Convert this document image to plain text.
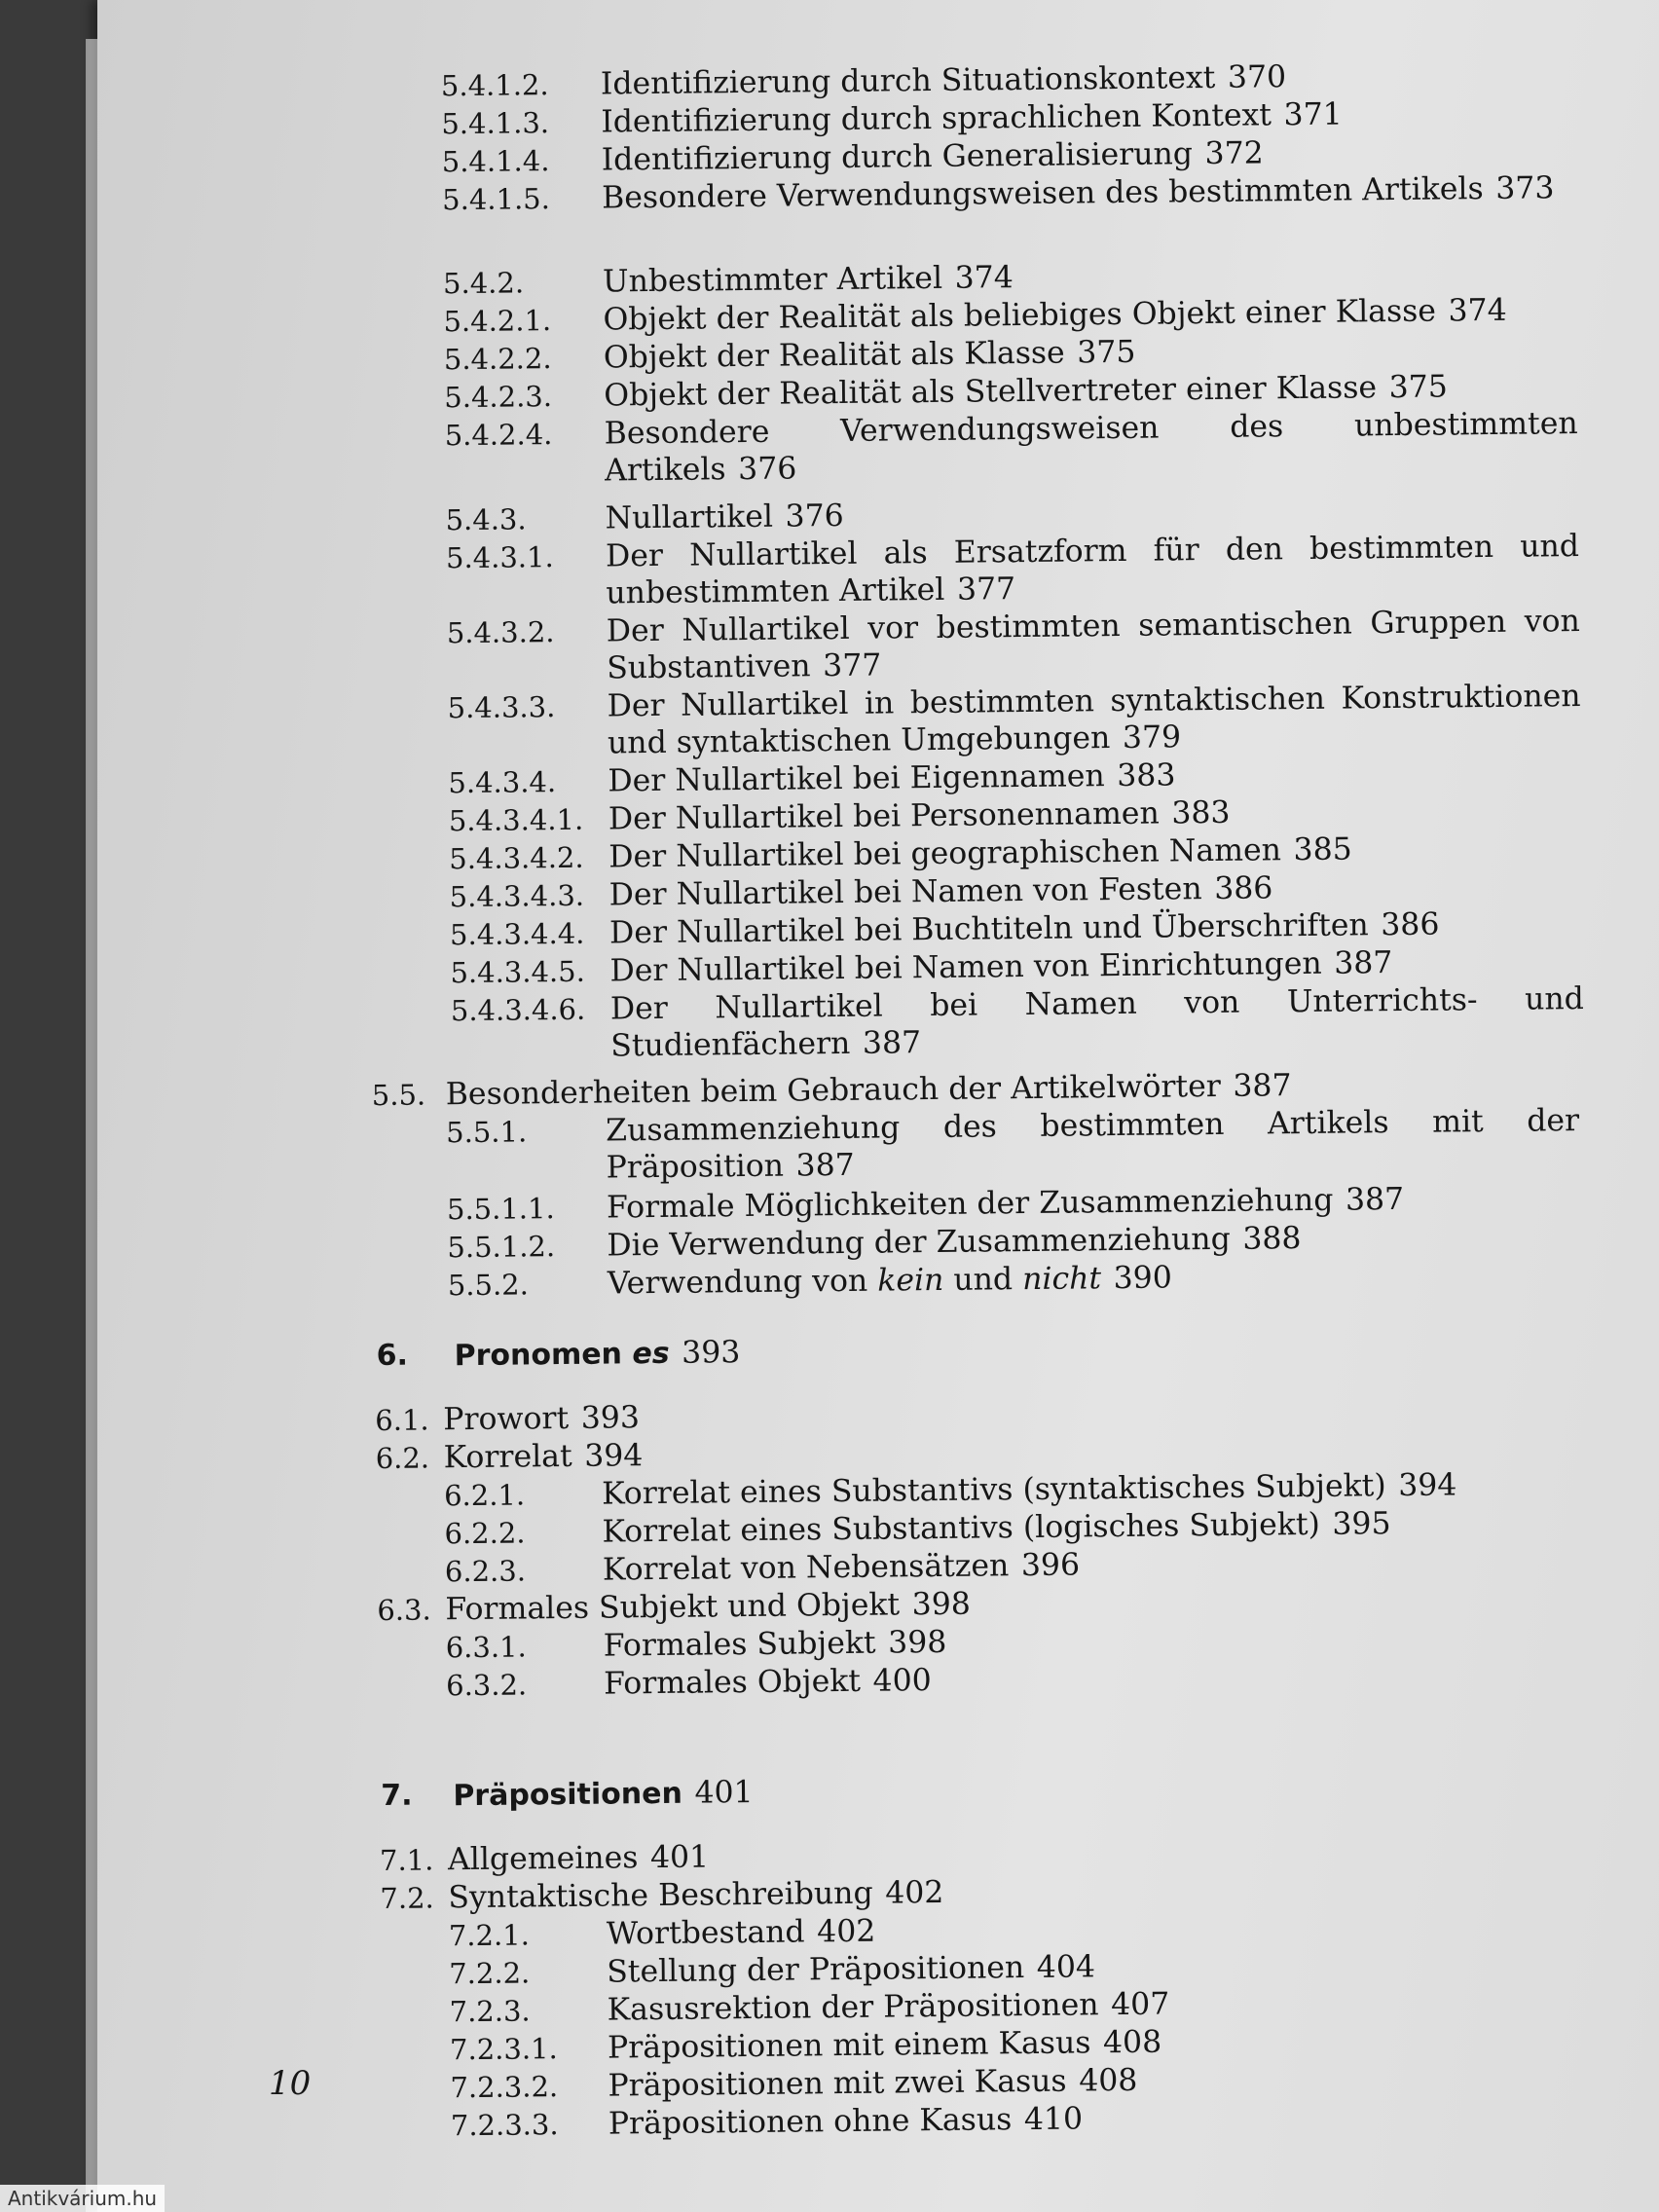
5.4.1.2. Identifizierung durch Situationskontext 370
5.4.1.3. Identifizierung durch sprachlichen Kontext 371
5.4.1.4. Identifizierung durch Generalisierung 372
5.4.1.5. Besondere Verwendungsweisen des bestimmten Artikels 373
5.4.2.	Unbestimmter Artikel 374
5.4.2.1. Objekt der Realität als beliebiges Objekt einer Klasse 374
5.4.2.2. Objekt der Realität als Klasse 375
5.4.2.3. Objekt der Realität als Stellvertreter einer Klasse 375
5.4.2.4. Besondere Verwendungsweisen des unbestimmten Artikels 376
5.4.3.	Nullartikel 376
5.4.3.1. Der Nullartikel als Ersatzform für den bestimmten und unbestimmten Artikel 377
5.4.3.2. Der Nullartikel vor bestimmten semantischen Gruppen von Substantiven 377
5.4.3.3. Der Nullartikel in bestimmten syntaktischen Konstruktionen und syntaktischen Umgebungen 379
5.4.3.4. Der Nullartikel bei Eigennamen 383
5.4.3.4.1. Der Nullartikel bei Personennamen 383
5.4.3.4.2. Der Nullartikel bei geographischen Namen 385
5.4.3.4.3. Der Nullartikel bei Namen von Festen 386
5.4.3.4.4. Der Nullartikel bei Buchtiteln und Überschriften 386
5.4.3.4.5. Der Nullartikel bei Namen von Einrichtungen 387
5.4.3.4.6. Der Nullartikel bei Namen von Unterrichts- und Studienfächern 387
5.5. Besonderheiten beim Gebrauch der Artikelwörter 387
5.5.1.	Zusammenziehung des bestimmten Artikels mit der Präposition 387
5.5.1.1. Formale Möglichkeiten der Zusammenziehung 387
5.5.1.2. Die Verwendung der Zusammenziehung 388
5.5.2.	Verwendung von kein und nicht 390
6. Pronomen es 393
6.1. Prowort 393
6.2. Korrelat 394
6.2.1. Korrelat eines Substantivs (syntaktisches Subjekt) 394
6.2.2. Korrelat eines Substantivs (logisches Subjekt) 395
6.2.3. Korrelat von Nebensätzen 396
6.3. Formales Subjekt und Objekt 398
6.3.1. Formales Subjekt 398
6.3.2. Formales Objekt 400
7. Präpositionen 401
7.1. Allgemeines 401
7.2. Syntaktische Beschreibung 402
7.2.1. Wortbestand 402
7.2.2. Stellung der Präpositionen 404
7.2.3. Kasusrektion der Präpositionen 407
7.2.3.1. Präpositionen mit einem Kasus 408
7.2.3.2. Präpositionen mit zwei Kasus 408
7.2.3.3. Präpositionen ohne Kasus 410
10
Antikvárium.hu
